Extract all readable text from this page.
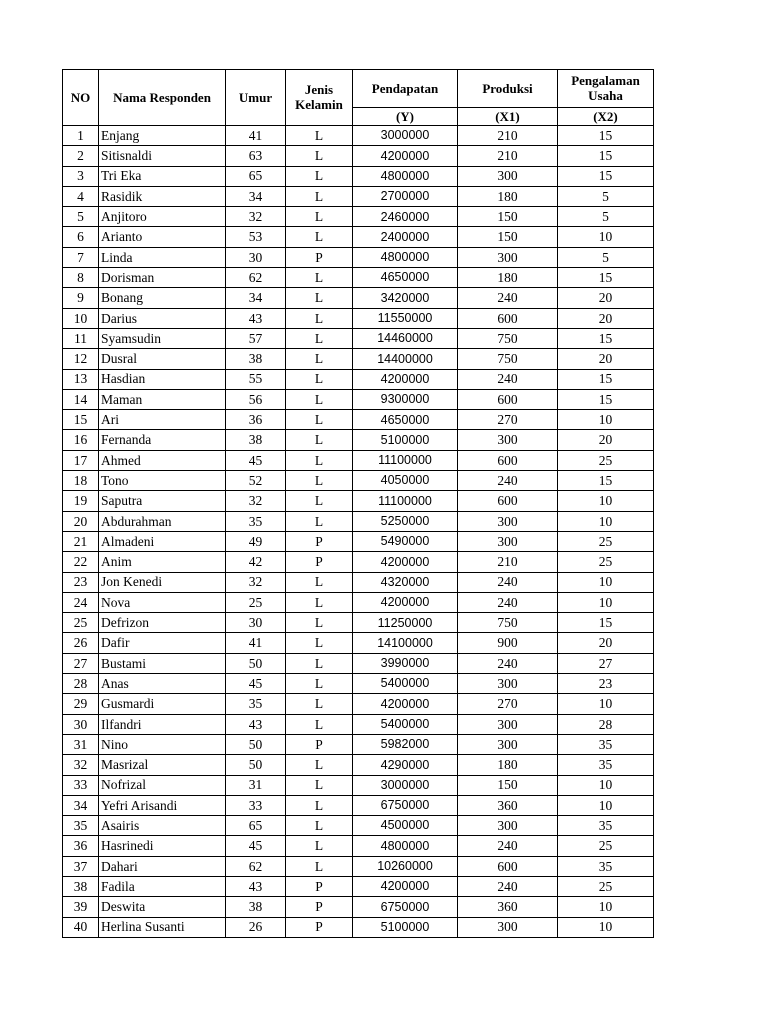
NO	Nama Responden	Umur	Jenis Kelamin	Pendapatan	Produksi	Pengalaman Usaha
				(Y)	(X1)	(X2)
1	Enjang	41	L	3000000	210	15
2	Sitisnaldi	63	L	4200000	210	15
3	Tri Eka	65	L	4800000	300	15
4	Rasidik	34	L	2700000	180	5
5	Anjitoro	32	L	2460000	150	5
6	Arianto	53	L	2400000	150	10
7	Linda	30	P	4800000	300	5
8	Dorisman	62	L	4650000	180	15
9	Bonang	34	L	3420000	240	20
10	Darius	43	L	11550000	600	20
11	Syamsudin	57	L	14460000	750	15
12	Dusral	38	L	14400000	750	20
13	Hasdian	55	L	4200000	240	15
14	Maman	56	L	9300000	600	15
15	Ari	36	L	4650000	270	10
16	Fernanda	38	L	5100000	300	20
17	Ahmed	45	L	11100000	600	25
18	Tono	52	L	4050000	240	15
19	Saputra	32	L	11100000	600	10
20	Abdurahman	35	L	5250000	300	10
21	Almadeni	49	P	5490000	300	25
22	Anim	42	P	4200000	210	25
23	Jon Kenedi	32	L	4320000	240	10
24	Nova	25	L	4200000	240	10
25	Defrizon	30	L	11250000	750	15
26	Dafir	41	L	14100000	900	20
27	Bustami	50	L	3990000	240	27
28	Anas	45	L	5400000	300	23
29	Gusmardi	35	L	4200000	270	10
30	Ilfandri	43	L	5400000	300	28
31	Nino	50	P	5982000	300	35
32	Masrizal	50	L	4290000	180	35
33	Nofrizal	31	L	3000000	150	10
34	Yefri Arisandi	33	L	6750000	360	10
35	Asairis	65	L	4500000	300	35
36	Hasrinedi	45	L	4800000	240	25
37	Dahari	62	L	10260000	600	35
38	Fadila	43	P	4200000	240	25
39	Deswita	38	P	6750000	360	10
40	Herlina Susanti	26	P	5100000	300	10
